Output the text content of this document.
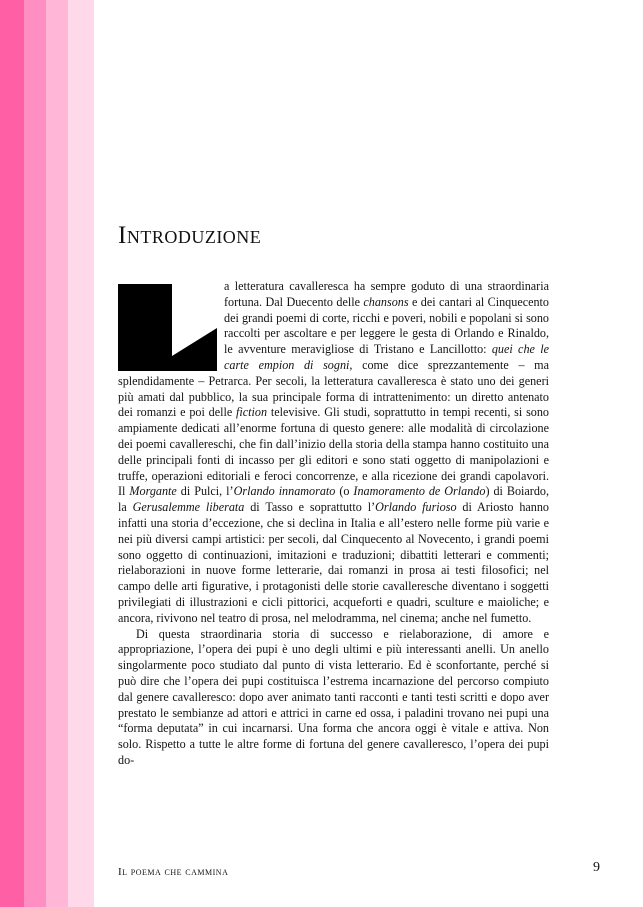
Introduzione

a letteratura cavalleresca ha sempre goduto di una straordinaria fortuna. Dal Duecento delle chansons e dei cantari al Cinquecento dei grandi poemi di corte, ricchi e poveri, nobili e popolani si sono raccolti per ascoltare e per leggere le gesta di Orlando e Rinaldo, le avventure meravigliose di Tristano e Lancillotto: quei che le carte empion di sogni, come dice sprezzantemente – ma splendidamente – Petrarca. Per secoli, la letteratura cavalleresca è stato uno dei generi più amati dal pubblico, la sua principale forma di intrattenimento: un diretto antenato dei romanzi e poi delle fiction televisive. Gli studi, soprattutto in tempi recenti, si sono ampiamente dedicati all’enorme fortuna di questo genere: alle modalità di circolazione dei poemi cavallereschi, che fin dall’inizio della storia della stampa hanno costituito una delle principali fonti di incasso per gli editori e sono stati oggetto di manipolazioni e truffe, operazioni editoriali e feroci concorrenze, e alla ricezione dei grandi capolavori. Il Morgante di Pulci, l’Orlando innamorato (o Inamoramento de Orlando) di Boiardo, la Gerusalemme liberata di Tasso e soprattutto l’Orlando furioso di Ariosto hanno infatti una storia d’eccezione, che si declina in Italia e all’estero nelle forme più varie e nei più diversi campi artistici: per secoli, dal Cinquecento al Novecento, i grandi poemi sono oggetto di continuazioni, imitazioni e traduzioni; dibattiti letterari e commenti; rielaborazioni in nuove forme letterarie, dai romanzi in prosa ai testi filosofici; nel campo delle arti figurative, i protagonisti delle storie cavalleresche diventano i soggetti privilegiati di illustrazioni e cicli pittorici, acqueforti e quadri, sculture e maioliche; e ancora, rivivono nel teatro di prosa, nel melodramma, nel cinema; anche nel fumetto.

Di questa straordinaria storia di successo e rielaborazione, di amore e appropriazione, l’opera dei pupi è uno degli ultimi e più interessanti anelli. Un anello singolarmente poco studiato dal punto di vista letterario. Ed è sconfortante, perché si può dire che l’opera dei pupi costituisca l’estrema incarnazione del percorso compiuto dal genere cavalleresco: dopo aver animato tanti racconti e tanti testi scritti e dopo aver prestato le sembianze ad attori e attrici in carne ed ossa, i paladini trovano nei pupi una “forma deputata” in cui incarnarsi. Una forma che ancora oggi è vitale e attiva. Non solo. Rispetto a tutte le altre forme di fortuna del genere cavalleresco, l’opera dei pupi do-

Il poema che cammina	9
